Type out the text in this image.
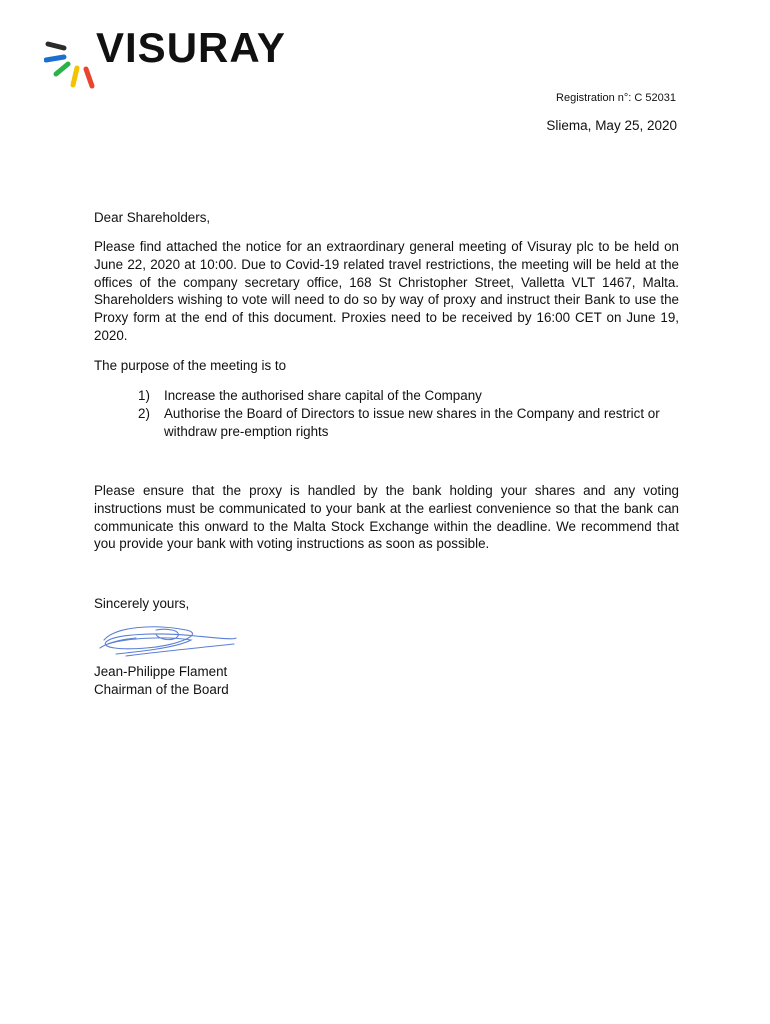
VISURAY
Registration n°: C 52031
Sliema, May 25, 2020
Dear Shareholders,
Please find attached the notice for an extraordinary general meeting of Visuray plc to be held on June 22, 2020 at 10:00. Due to Covid-19 related travel restrictions, the meeting will be held at the offices of the company secretary office, 168 St Christopher Street, Valletta VLT 1467, Malta. Shareholders wishing to vote will need to do so by way of proxy and instruct their Bank to use the Proxy form at the end of this document. Proxies need to be received by 16:00 CET on June 19, 2020.
The purpose of the meeting is to
1) Increase the authorised share capital of the Company
2) Authorise the Board of Directors to issue new shares in the Company and restrict or withdraw pre-emption rights
Please ensure that the proxy is handled by the bank holding your shares and any voting instructions must be communicated to your bank at the earliest convenience so that the bank can communicate this onward to the Malta Stock Exchange within the deadline. We recommend that you provide your bank with voting instructions as soon as possible.
Sincerely yours,
Jean-Philippe Flament
Chairman of the Board
